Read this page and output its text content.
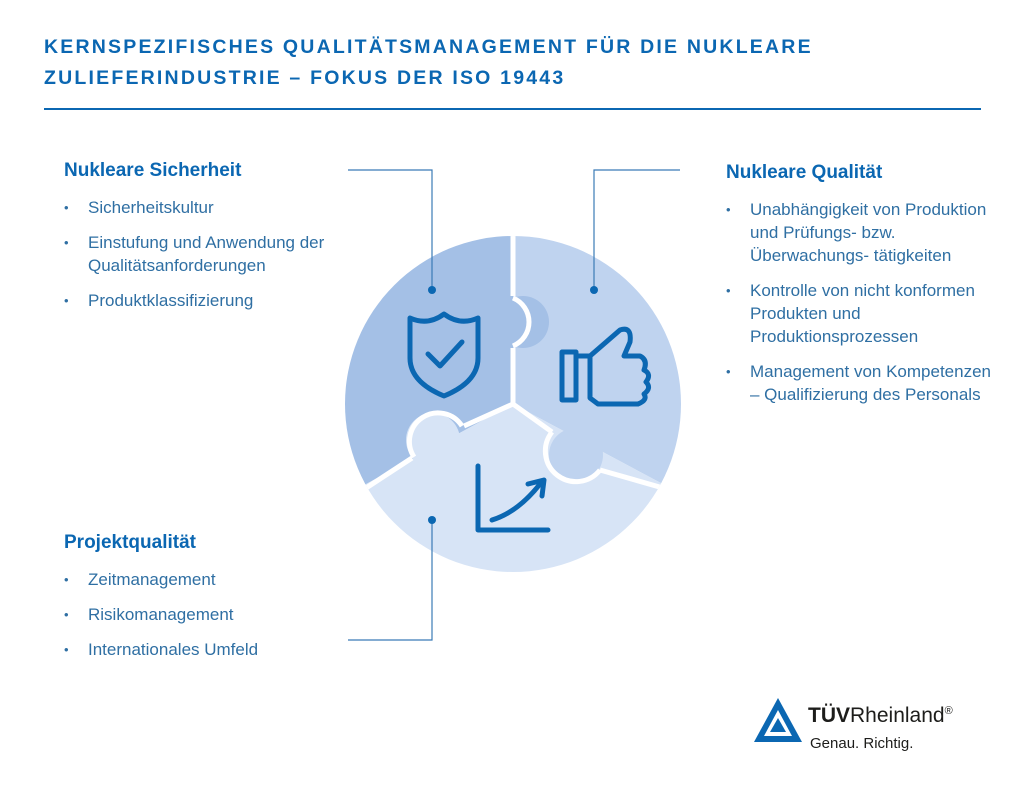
KERNSPEZIFISCHES QUALITÄTSMANAGEMENT FÜR DIE NUKLEARE ZULIEFERINDUSTRIE – FOKUS DER ISO 19443
Nukleare Sicherheit
• Sicherheitskultur
• Einstufung und Anwendung der Qualitätsanforderungen
• Produktklassifizierung
Nukleare Qualität
• Unabhängigkeit von Produktion und Prüfungs- bzw. Überwachungs- tätigkeiten
• Kontrolle von nicht konformen Produkten und Produktionsprozessen
• Management von Kompetenzen – Qualifizierung des Personals
Projektqualität
• Zeitmanagement
• Risikomanagement
• Internationales Umfeld
TÜVRheinland®
Genau. Richtig.
